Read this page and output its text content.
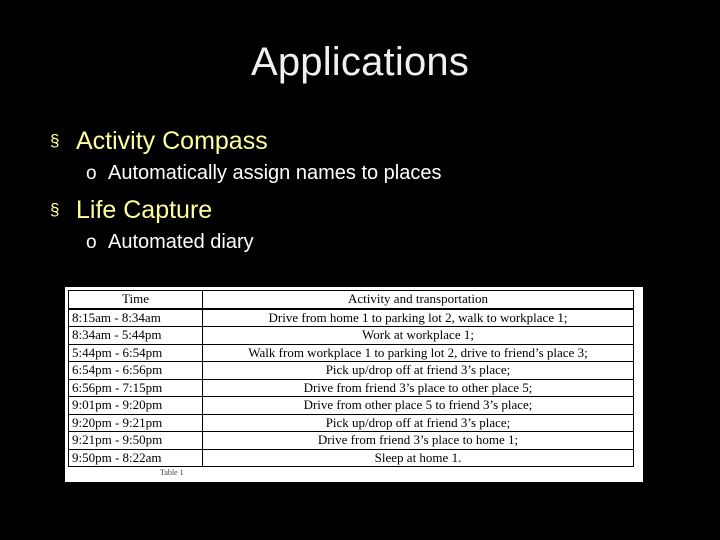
Applications
§ Activity Compass
o Automatically assign names to places
§ Life Capture
o Automated diary
Time	Activity and transportation
8:15am - 8:34am	Drive from home 1 to parking lot 2, walk to workplace 1;
8:34am - 5:44pm	Work at workplace 1;
5:44pm - 6:54pm	Walk from workplace 1 to parking lot 2, drive to friend’s place 3;
6:54pm - 6:56pm	Pick up/drop off at friend 3’s place;
6:56pm - 7:15pm	Drive from friend 3’s place to other place 5;
9:01pm - 9:20pm	Drive from other place 5 to friend 3’s place;
9:20pm - 9:21pm	Pick up/drop off at friend 3’s place;
9:21pm - 9:50pm	Drive from friend 3’s place to home 1;
9:50pm - 8:22am	Sleep at home 1.
Table 1
